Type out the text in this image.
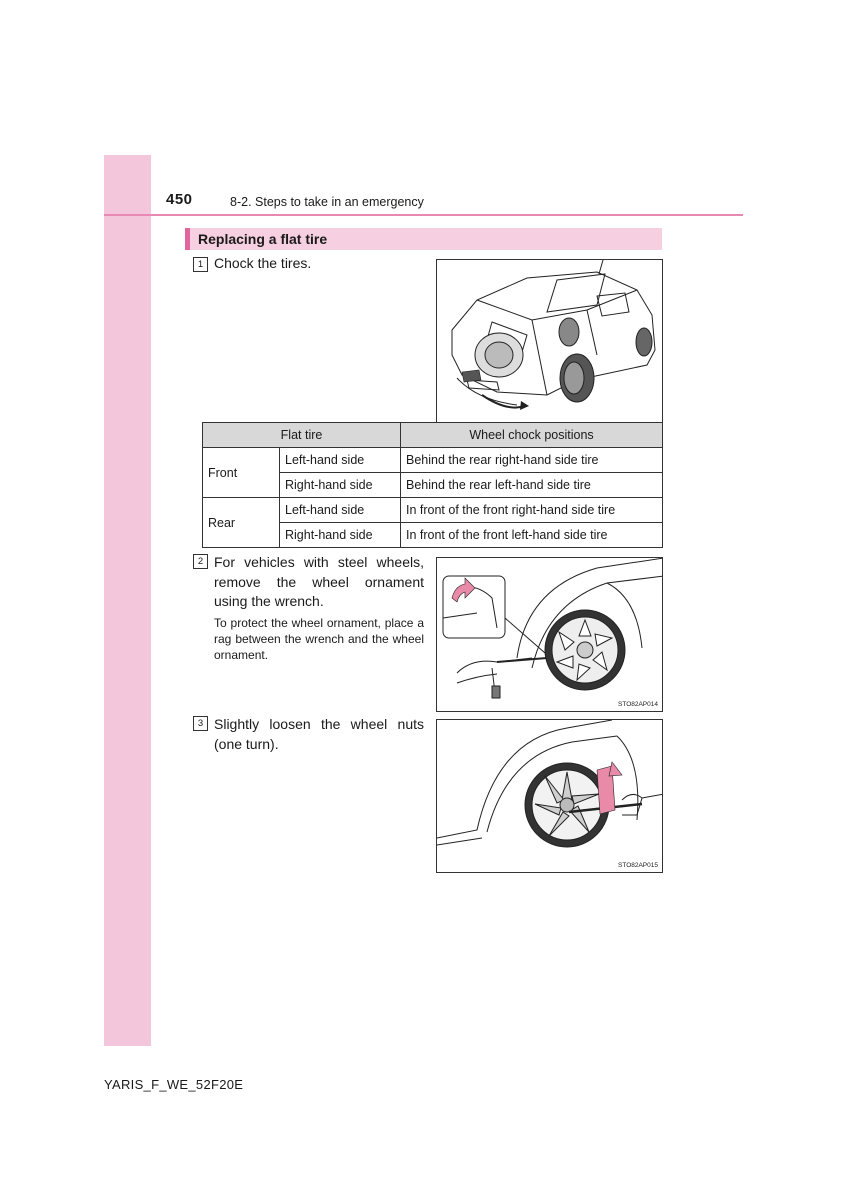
450	8-2. Steps to take in an emergency
Replacing a flat tire
1 Chock the tires.
Flat tire		Wheel chock positions
Front	Left-hand side	Behind the rear right-hand side tire
	Right-hand side	Behind the rear left-hand side tire
Rear	Left-hand side	In front of the front right-hand side tire
	Right-hand side	In front of the front left-hand side tire
2 For vehicles with steel wheels, remove the wheel ornament using the wrench.
To protect the wheel ornament, place a rag between the wrench and the wheel ornament.
STO82AP014
3 Slightly loosen the wheel nuts (one turn).
STO82AP015
YARIS_F_WE_52F20E
